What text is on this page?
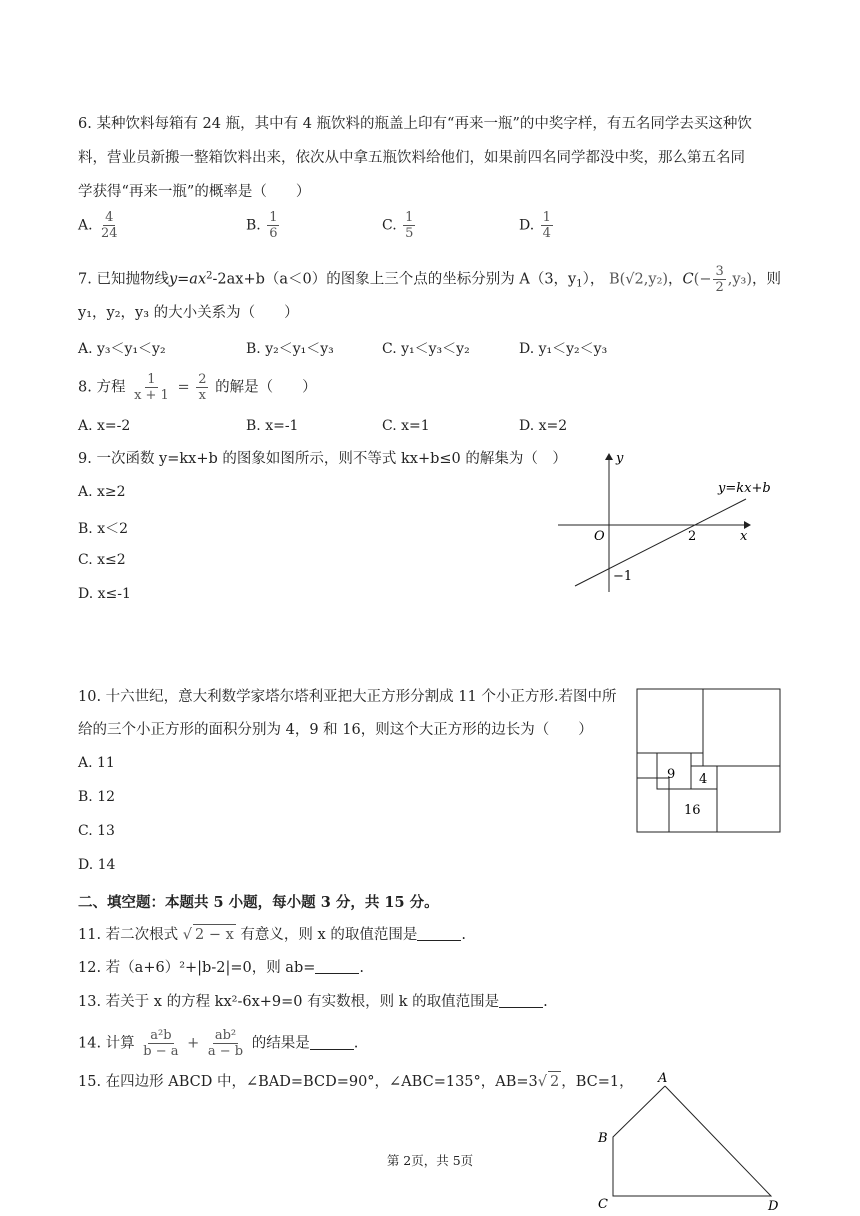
6. 某种饮料每箱有 24 瓶，其中有 4 瓶饮料的瓶盖上印有“再来一瓶”的中奖字样，有五名同学去买这种饮
料，营业员新搬一整箱饮料出来，依次从中拿五瓶饮料给他们，如果前四名同学都没中奖，那么第五名同
学获得“再来一瓶”的概率是（　　）
A. $\frac{4}{24}$	B. $\frac{1}{6}$	C. $\frac{1}{5}$	D. $\frac{1}{4}$
7. 已知抛物线$y=ax^2-2ax+b(a<0)$的图象上三个点的坐标分别为 A（3，$y_1$）， B(√2,y₂)，$C(- \frac{3}{2} ,y_3)$，则
y₁，y₂，y₃ 的大小关系为（　　）
A. y₃＜y₁＜y₂	B. y₂＜y₁＜y₃	C. y₁＜y₃＜y₂	D. y₁＜y₂＜y₃
8. 方程 $\frac{1}{x + 1} = \frac{2}{x}$ 的解是（　　）
A. x=-2	B. x=-1	C. x=1	D. x=2
9. 一次函数 y=kx+b 的图象如图所示，则不等式 kx+b≤0 的解集为（　）
A. x≥2
B. x＜2
C. x≤2
D. x≤-1
y
x
O	2
−1
y=kx+b
10. 十六世纪，意大利数学家塔尔塔利亚把大正方形分割成 11 个小正方形.若图中所
给的三个小正方形的面积分别为 4，9 和 16，则这个大正方形的边长为（　　）
A. 11
B. 12
C. 13
D. 14
9 4
16
二、填空题：本题共 5 小题，每小题 3 分，共 15 分。
11. 若二次根式 √ 2 − x 有意义，则 x 的取值范围是	.
12. 若（a+6）²+|b-2|=0，则 ab=	.
13. 若关于 x 的方程 kx²-6x+9=0 有实数根，则 k 的取值范围是	.
14. 计算 $\frac{\text{a²b}}{b - a} + \frac{\text{ab²}}{a - b}$ 的结果是	.
15. 在四边形 ABCD 中，∠BAD=BCD=90°，∠ABC=135°，AB=3√ 2 ，BC=1， A
B
C	D
第 2页，共 5页
